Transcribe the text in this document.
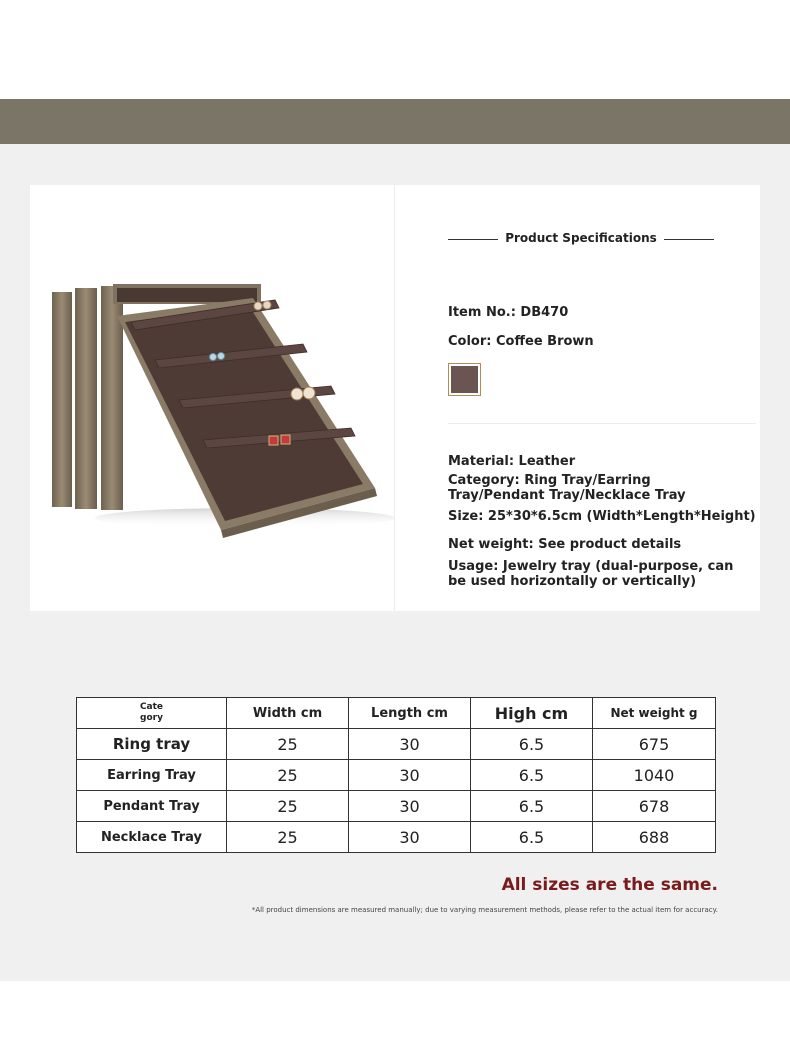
Product Specifications
Item No.: DB470
Color: Coffee Brown
Material: Leather
Category: Ring Tray/Earring Tray/Pendant Tray/Necklace Tray
Size: 25*30*6.5cm (Width*Length*Height)
Net weight: See product details
Usage: Jewelry tray (dual-purpose, can be used horizontally or vertically)
Cate
gory	Width cm	Length cm	High cm	Net weight g
Ring tray	25	30	6.5	675
Earring Tray	25	30	6.5	1040
Pendant Tray	25	30	6.5	678
Necklace Tray	25	30	6.5	688
All sizes are the same.
*All product dimensions are measured manually; due to varying measurement methods, please refer to the actual item for accuracy.
